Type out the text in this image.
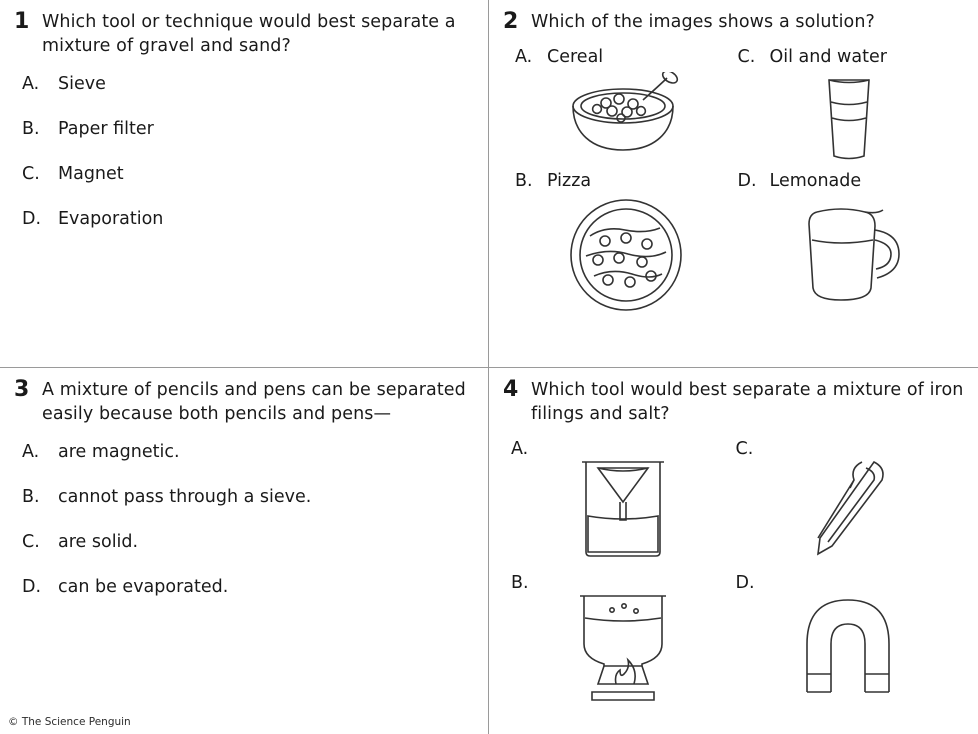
1 Which tool or technique would best separate a mixture of gravel and sand?
A.	Sieve
B.	Paper filter
C.	Magnet
D. Evaporation
2 Which of the images shows a solution?
A. Cereal	C. Oil and water
B. Pizza	D. Lemonade
3 A mixture of pencils and pens can be separated easily because both pencils and pens—
A.	are magnetic.
B.	cannot pass through a sieve.
C.	are solid.
D. can be evaporated.
© The Science Penguin
4 Which tool would best separate a mixture of iron filings and salt?
A.	C.
B.	D.
